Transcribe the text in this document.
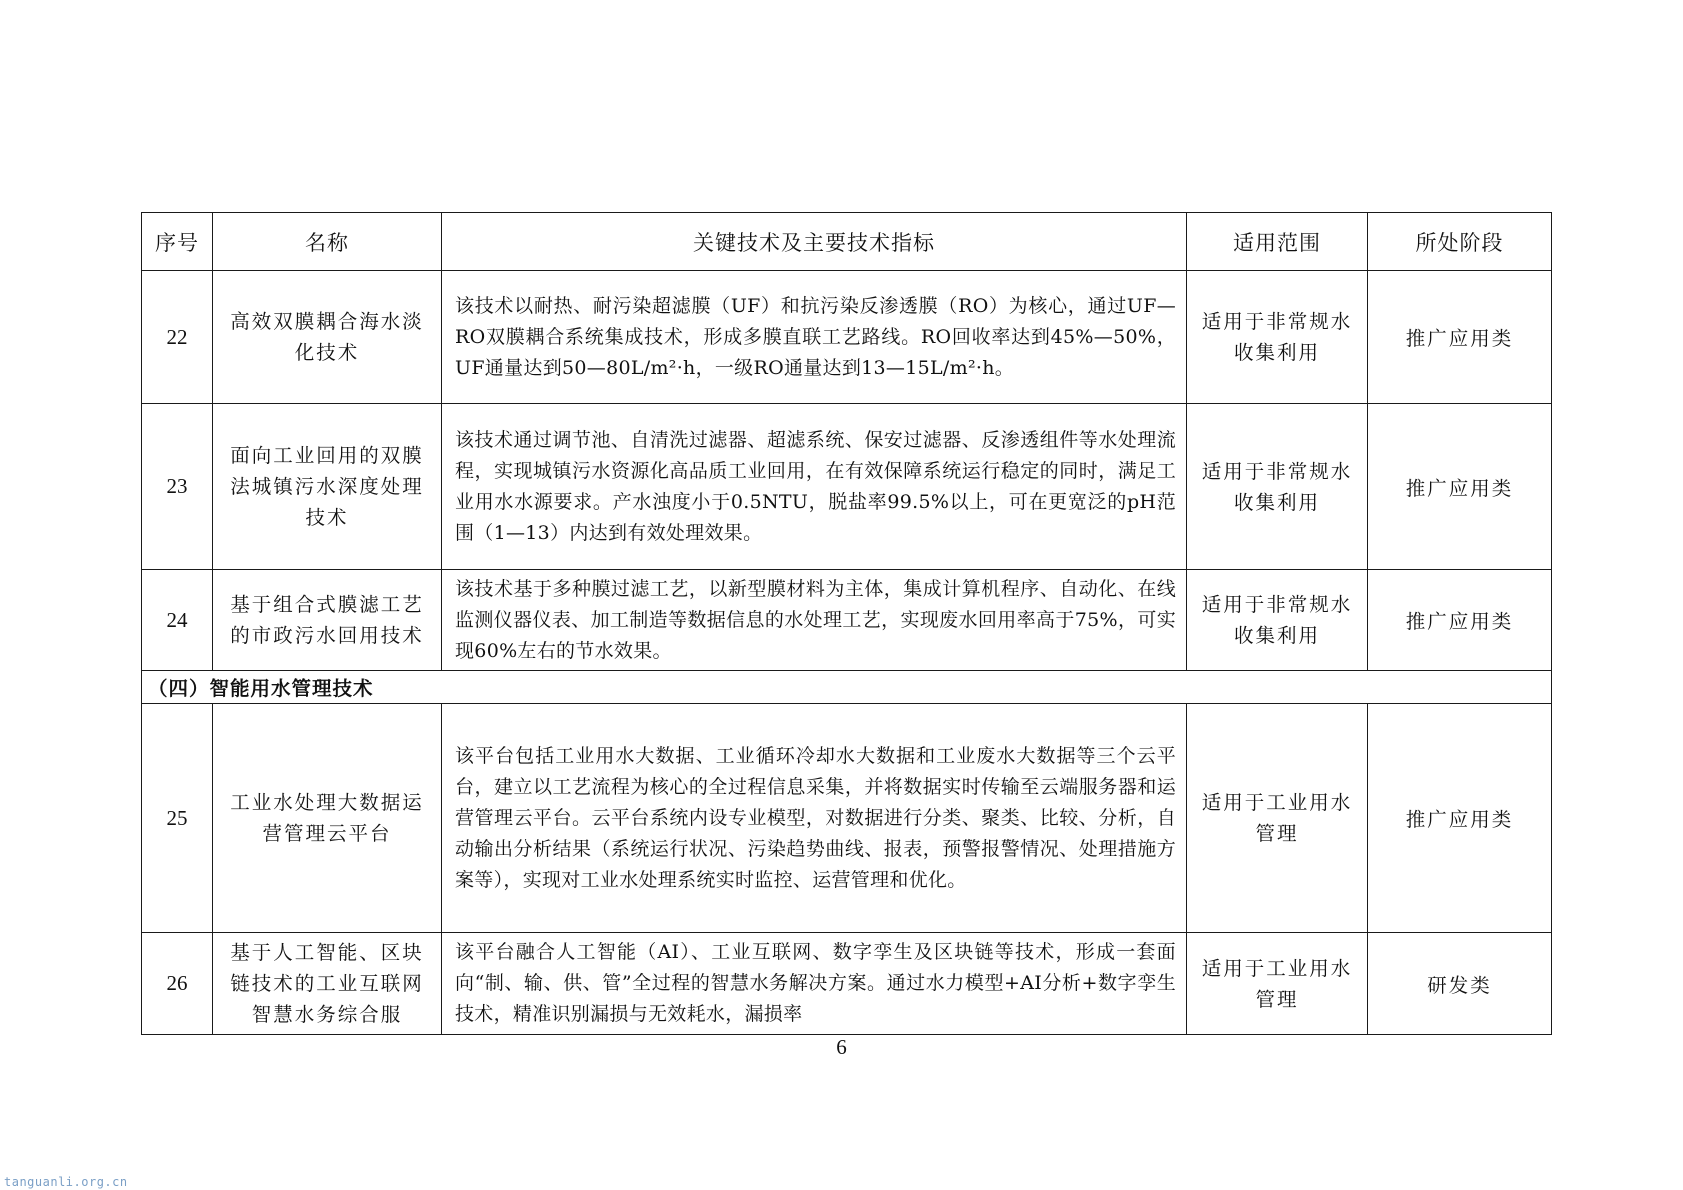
序号	名称	关键技术及主要技术指标	适用范围	所处阶段
22	高效双膜耦合海水淡化技术	该技术以耐热、耐污染超滤膜（UF）和抗污染反渗透膜（RO）为核心，通过UF—RO双膜耦合系统集成技术，形成多膜直联工艺路线。RO回收率达到45%—50%，UF通量达到50—80L/m²·h，一级RO通量达到13—15L/m²·h。	适用于非常规水收集利用	推广应用类
23	面向工业回用的双膜法城镇污水深度处理技术	该技术通过调节池、自清洗过滤器、超滤系统、保安过滤器、反渗透组件等水处理流程，实现城镇污水资源化高品质工业回用，在有效保障系统运行稳定的同时，满足工业用水水源要求。产水浊度小于0.5NTU，脱盐率99.5%以上，可在更宽泛的pH范围（1—13）内达到有效处理效果。	适用于非常规水收集利用	推广应用类
24	基于组合式膜滤工艺的市政污水回用技术	该技术基于多种膜过滤工艺，以新型膜材料为主体，集成计算机程序、自动化、在线监测仪器仪表、加工制造等数据信息的水处理工艺，实现废水回用率高于75%，可实现60%左右的节水效果。	适用于非常规水收集利用	推广应用类
（四）智能用水管理技术				
25	工业水处理大数据运营管理云平台	该平台包括工业用水大数据、工业循环冷却水大数据和工业废水大数据等三个云平台，建立以工艺流程为核心的全过程信息采集，并将数据实时传输至云端服务器和运营管理云平台。云平台系统内设专业模型，对数据进行分类、聚类、比较、分析，自动输出分析结果（系统运行状况、污染趋势曲线、报表，预警报警情况、处理措施方案等），实现对工业水处理系统实时监控、运营管理和优化。	适用于工业用水管理	推广应用类
26	基于人工智能、区块链技术的工业互联网智慧水务综合服	该平台融合人工智能（AI）、工业互联网、数字孪生及区块链等技术，形成一套面向“制、输、供、管”全过程的智慧水务解决方案。通过水力模型+AI分析+数字孪生技术，精准识别漏损与无效耗水，漏损率	适用于工业用水管理	研发类
6
tanguanli.org.cn
